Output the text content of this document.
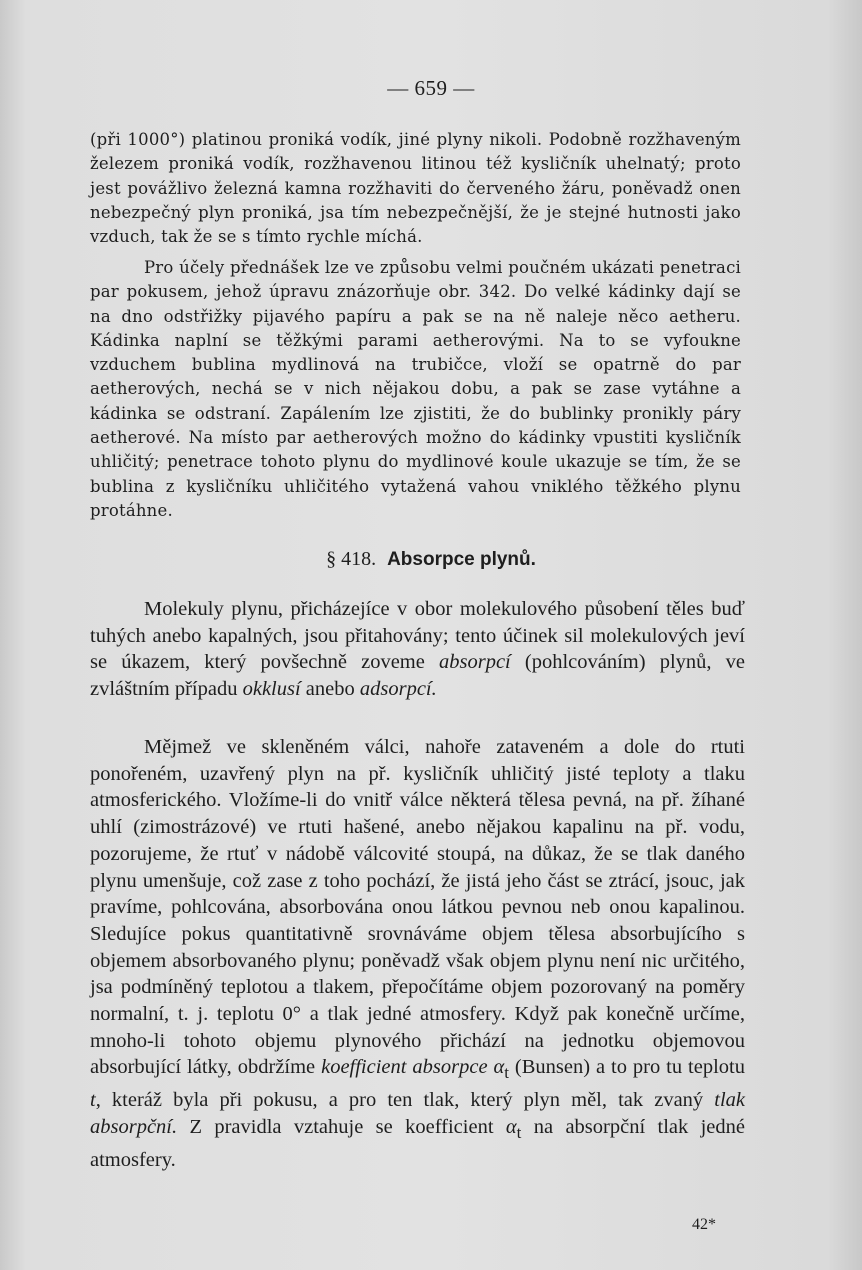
— 659 —
(při 1000°) platinou proniká vodík, jiné plyny nikoli. Podobně rozžhaveným železem proniká vodík, rozžhavenou litinou též kysličník uhelnatý; proto jest povážlivo železná kamna rozžhaviti do červeného žáru, poněvadž onen nebezpečný plyn proniká, jsa tím nebezpečnější, že je stejné hutnosti jako vzduch, tak že se s tímto rychle míchá.
Pro účely přednášek lze ve způsobu velmi poučném ukázati penetraci par pokusem, jehož úpravu znázorňuje obr. 342. Do velké kádinky dají se na dno odstřižky pijavého papíru a pak se na ně naleje něco aetheru. Kádinka naplní se těžkými parami aetherovými. Na to se vyfoukne vzduchem bublina mydlinová na trubičce, vloží se opatrně do par aetherových, nechá se v nich nějakou dobu, a pak se zase vytáhne a kádinka se odstraní. Zapálením lze zjistiti, že do bublinky pronikly páry aetherové. Na místo par aetherových možno do kádinky vpustiti kysličník uhličitý; penetrace tohoto plynu do mydlinové koule ukazuje se tím, že se bublina z kysličníku uhličitého vytažená vahou vniklého těžkého plynu protáhne.
§ 418. Absorpce plynů.
Molekuly plynu, přicházejíce v obor molekulového působení těles buď tuhých anebo kapalných, jsou přitahovány; tento účinek sil molekulových jeví se úkazem, který povšechně zoveme absorpcí (pohlcováním) plynů, ve zvláštním případu okklusí anebo adsorpcí.
Mějmež ve skleněném válci, nahoře zataveném a dole do rtuti ponořeném, uzavřený plyn na př. kysličník uhličitý jisté teploty a tlaku atmosferického. Vložíme-li do vnitř válce některá tělesa pevná, na př. žíhané uhlí (zimostrázové) ve rtuti hašené, anebo nějakou kapalinu na př. vodu, pozorujeme, že rtuť v nádobě válcovité stoupá, na důkaz, že se tlak daného plynu umenšuje, což zase z toho pochází, že jistá jeho část se ztrácí, jsouc, jak pravíme, pohlcována, absorbována onou látkou pevnou neb onou kapalinou. Sledujíce pokus quantitativně srovnáváme objem tělesa absorbujícího s objemem absorbovaného plynu; poněvadž však objem plynu není nic určitého, jsa podmíněný teplotou a tlakem, přepočítáme objem pozorovaný na poměry normalní, t. j. teplotu 0° a tlak jedné atmosfery. Když pak konečně určíme, mnoho-li tohoto objemu plynového přichází na jednotku objemovou absorbující látky, obdržíme koefficient absorpce $\alpha_t$ (Bunsen) a to pro tu teplotu t, kteráž byla při pokusu, a pro ten tlak, který plyn měl, tak zvaný tlak absorpční. Z pravidla vztahuje se koefficient $\alpha_t$ na absorpční tlak jedné atmosfery.
42*
